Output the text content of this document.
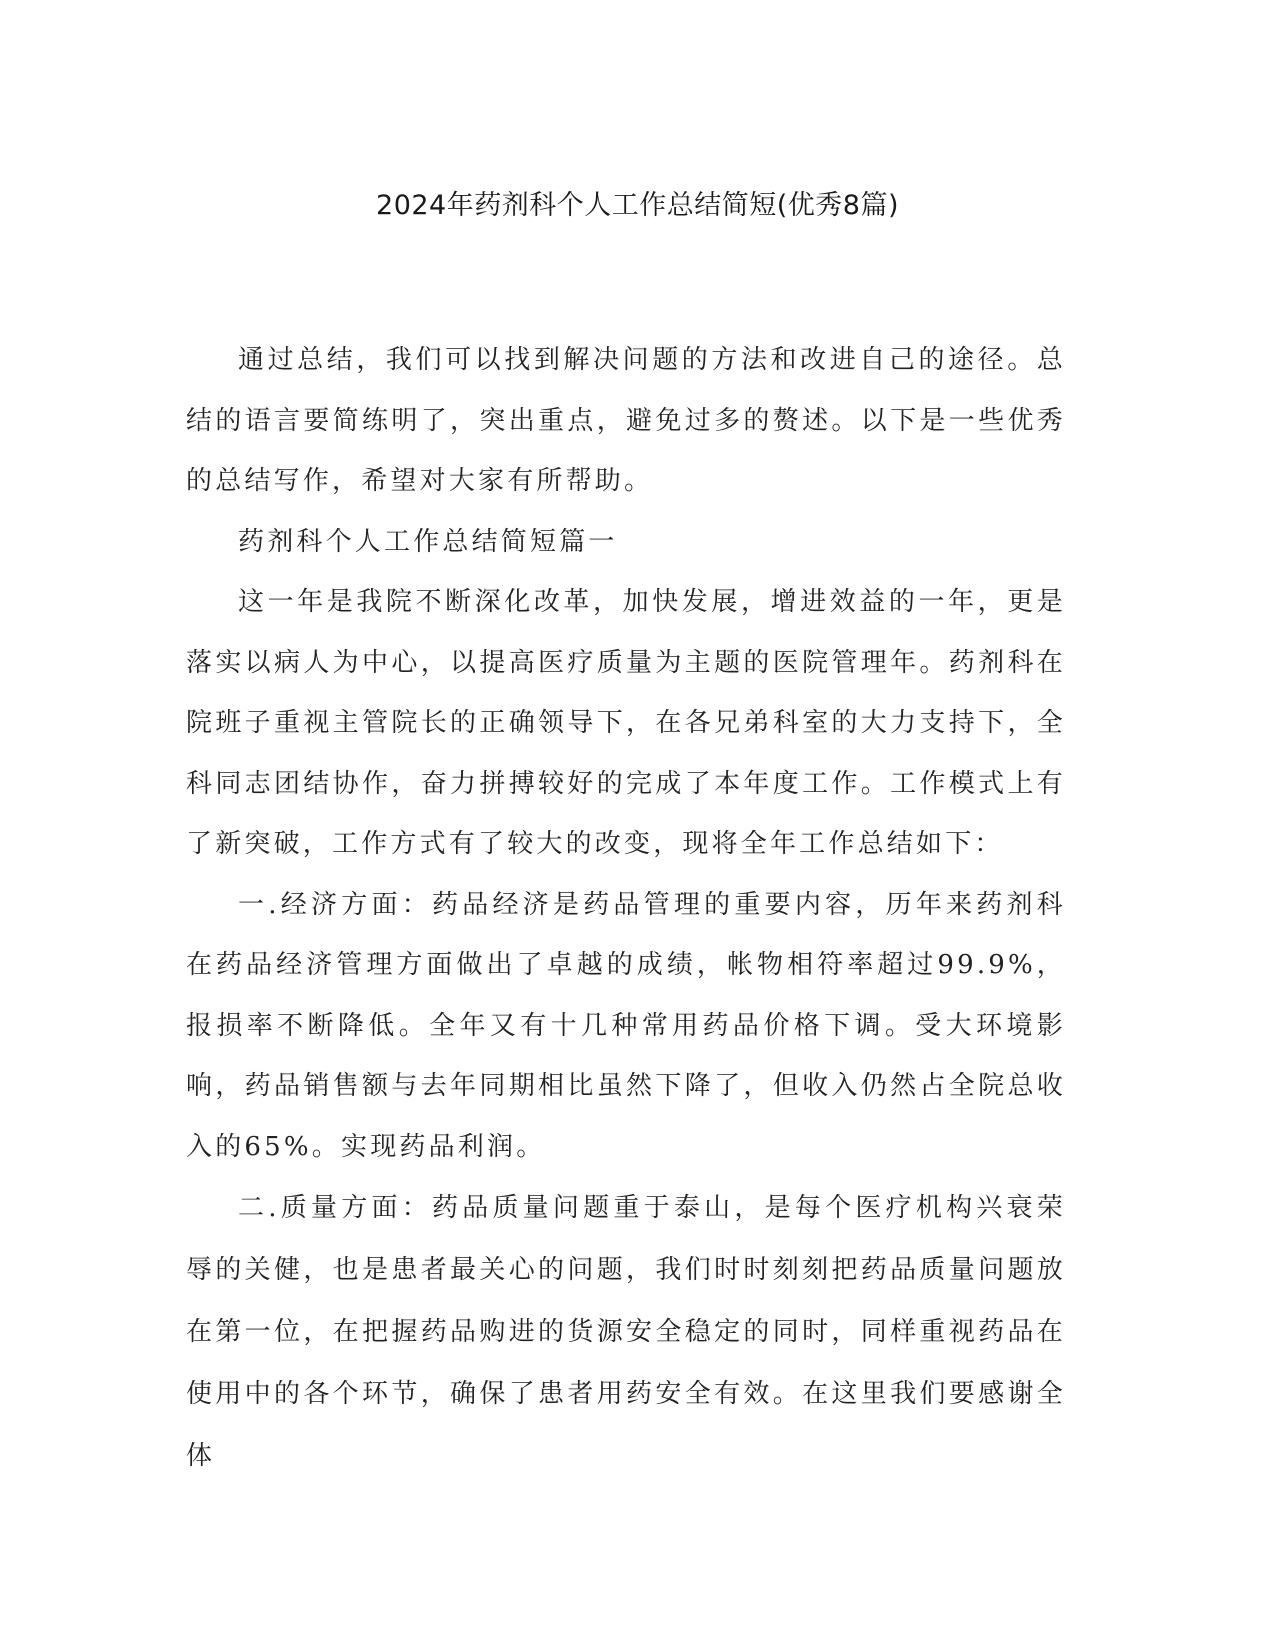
2024年药剂科个人工作总结简短(优秀8篇)

通过总结，我们可以找到解决问题的方法和改进自己的途径。总结的语言要简练明了，突出重点，避免过多的赘述。以下是一些优秀的总结写作，希望对大家有所帮助。

药剂科个人工作总结简短篇一

这一年是我院不断深化改革，加快发展，增进效益的一年，更是落实以病人为中心，以提高医疗质量为主题的医院管理年。药剂科在院班子重视主管院长的正确领导下，在各兄弟科室的大力支持下，全科同志团结协作，奋力拼搏较好的完成了本年度工作。工作模式上有了新突破，工作方式有了较大的改变，现将全年工作总结如下：

一.经济方面：药品经济是药品管理的重要内容，历年来药剂科在药品经济管理方面做出了卓越的成绩，帐物相符率超过99.9%，报损率不断降低。全年又有十几种常用药品价格下调。受大环境影响，药品销售额与去年同期相比虽然下降了，但收入仍然占全院总收入的65%。实现药品利润。

二.质量方面：药品质量问题重于泰山，是每个医疗机构兴衰荣辱的关健，也是患者最关心的问题，我们时时刻刻把药品质量问题放在第一位，在把握药品购进的货源安全稳定的同时，同样重视药品在使用中的各个环节，确保了患者用药安全有效。在这里我们要感谢全体
